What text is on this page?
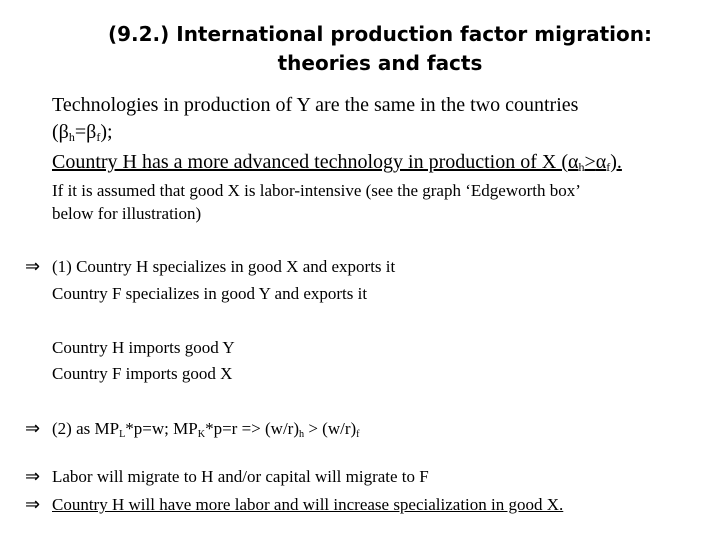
(9.2.) International production factor migration:
theories and facts
Technologies in production of Y are the same in the two countries
$(\beta_h=\beta_f)$;
Country H has a more advanced technology in production of X $(\alpha_h>\alpha_f)$.
If it is assumed that good X is labor-intensive (see the graph ‘Edgeworth box’
below for illustration)
⇒ (1) Country H specializes in good X and exports it
Country F specializes in good Y and exports it
Country H imports good Y
Country F imports good X
⇒ (2) as $MP_L*p=w$; $MP_K*p=r => (w/r)_h > (w/r)_f$
⇒ Labor will migrate to H and/or capital will migrate to F
⇒ Country H will have more labor and will increase specialization in good X.
